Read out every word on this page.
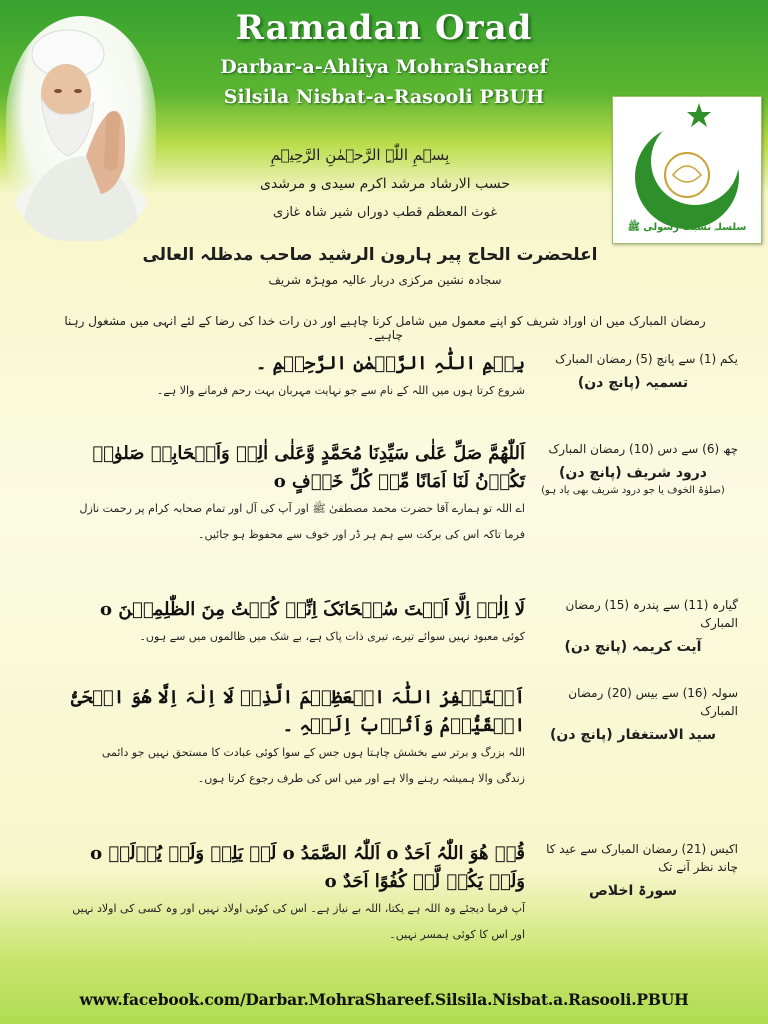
Ramadan Orad
Darbar-a-Ahliya MohraShareef
Silsila Nisbat-a-Rasooli PBUH
سلسلہ نسبت رسولی ﷺ
بِسۡمِ اللّٰہِ الرَّحۡمٰنِ الرَّحِیۡمِ
حسب الارشاد مرشد اکرم سیدی و مرشدی
غوث المعظم قطب دوراں شیر شاہ غازی
اعلحضرت الحاج پیر ہارون الرشید صاحب مدظلہ العالی
سجادہ نشین مرکزی دربار عالیہ موہڑہ شریف
رمضان المبارک میں ان اوراد شریف کو اپنے معمول میں شامل کرنا چاہیے اور دن رات خدا کی رضا کے لئے انہی میں مشغول رہنا چاہیے۔
یکم (1) سے پانچ (5) رمضان المبارک
تسمیہ (پانچ دن)
بِسۡمِ اللّٰہِ الرَّحۡمٰنِ الرَّحِیۡمِ ۔
شروع کرتا ہوں میں اللہ کے نام سے جو نہایت مہربان بہت رحم فرمانے والا ہے۔
چھ (6) سے دس (10) رمضان المبارک
درود شریف (پانچ دن)
(صلوٰۃ الخوف یا جو درود شریف بھی یاد ہو)
اَللّٰھُمَّ صَلِّ عَلٰی سَیِّدِنَا مُحَمَّدٍ وَّعَلٰی اٰلِہٖ وَاَصۡحَابِہٖ صَلوٰۃً تَکُوۡنُ لَنَا اَمَانًا مِّنۡ کُلِّ خَوۡفٍ o
اے اللہ تو ہمارے آقا حضرت محمد مصطفیٰ ﷺ اور آپ کی آل اور تمام صحابہ کرام پر رحمت نازل فرما تاکہ اس کی برکت سے ہم ہر ڈر اور خوف سے محفوظ ہو جائیں۔
گیارہ (11) سے پندرہ (15) رمضان المبارک
آیت کریمہ (پانچ دن)
لَا اِلٰہَ اِلَّا اَنۡتَ سُبۡحَانَکَ اِنِّیۡ کُنۡتُ مِنَ الظّٰلِمِیۡنَ o
کوئی معبود نہیں سوائے تیرے، تیری ذات پاک ہے، بے شک میں ظالموں میں سے ہوں۔
سولہ (16) سے بیس (20) رمضان المبارک
سید الاستغفار (پانچ دن)
اَسۡتَغۡفِرُ اللّٰہَ الۡعَظِیۡمَ الَّذِیۡ لَا اِلٰہَ اِلَّا ھُوَ الۡحَیُّ الۡقَیُّوۡمُ وَاَتُوۡبُ اِلَیۡہِ ۔
اللہ بزرگ و برتر سے بخشش چاہتا ہوں جس کے سوا کوئی عبادت کا مستحق نہیں جو دائمی زندگی والا ہمیشہ رہنے والا ہے اور میں اس کی طرف رجوع کرتا ہوں۔
اکیس (21) رمضان المبارک سے عید کا چاند نظر آنے تک
سورۃ اخلاص
قُلۡ ھُوَ اللّٰہُ اَحَدٌ o اَللّٰہُ الصَّمَدُ o لَمۡ یَلِدۡ وَلَمۡ یُوۡلَدۡ o وَلَمۡ یَکُنۡ لَّہٗ کُفُوًا اَحَدٌ o
آپ فرما دیجئے وہ اللہ ہے یکتا، اللہ بے نیاز ہے۔ اس کی کوئی اولاد نہیں اور وہ کسی کی اولاد نہیں اور اس کا کوئی ہمسر نہیں۔
www.facebook.com/Darbar.MohraShareef.Silsila.Nisbat.a.Rasooli.PBUH
